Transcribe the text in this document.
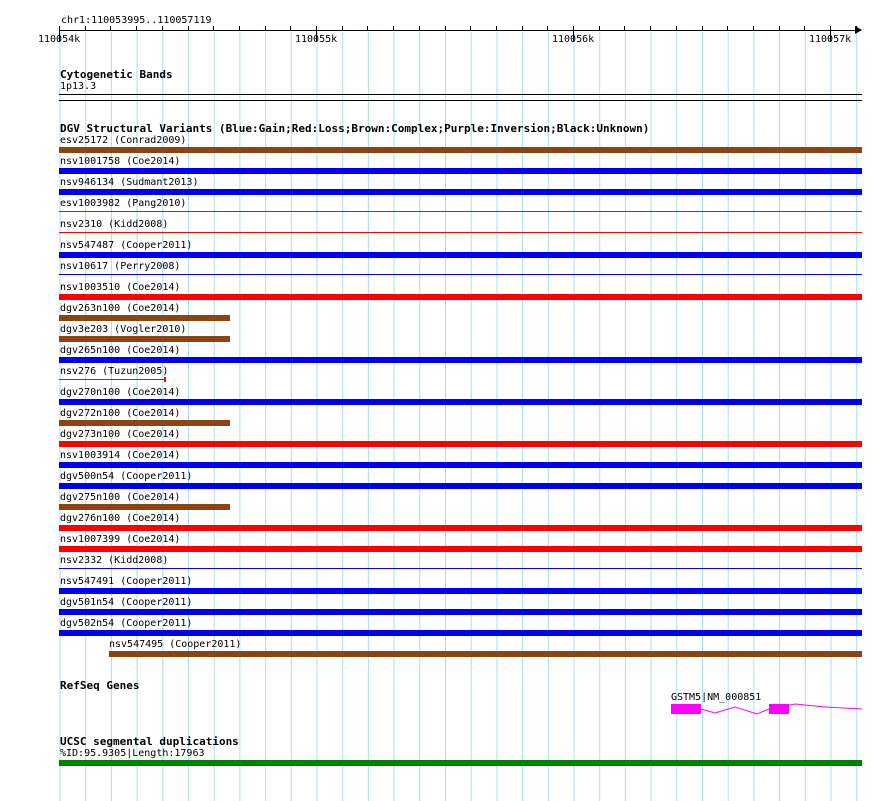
chr1:110053995..110057119
110054k	110055k	110056k	110057k
Cytogenetic Bands
1p13.3
DGV Structural Variants (Blue:Gain;Red:Loss;Brown:Complex;Purple:Inversion;Black:Unknown)
esv25172 (Conrad2009)
nsv1001758 (Coe2014)
nsv946134 (Sudmant2013)
esv1003982 (Pang2010)
nsv2310 (Kidd2008)
nsv547487 (Cooper2011)
nsv10617 (Perry2008)
nsv1003510 (Coe2014)
dgv263n100 (Coe2014)
dgv3e203 (Vogler2010)
dgv265n100 (Coe2014)
nsv276 (Tuzun2005)
dgv270n100 (Coe2014)
dgv272n100 (Coe2014)
dgv273n100 (Coe2014)
nsv1003914 (Coe2014)
dgv500n54 (Cooper2011)
dgv275n100 (Coe2014)
dgv276n100 (Coe2014)
nsv1007399 (Coe2014)
nsv2332 (Kidd2008)
nsv547491 (Cooper2011)
dgv501n54 (Cooper2011)
dgv502n54 (Cooper2011)
nsv547495 (Cooper2011)
RefSeq Genes
GSTM5|NM_000851
UCSC segmental duplications
%ID:95.9305|Length:17963
